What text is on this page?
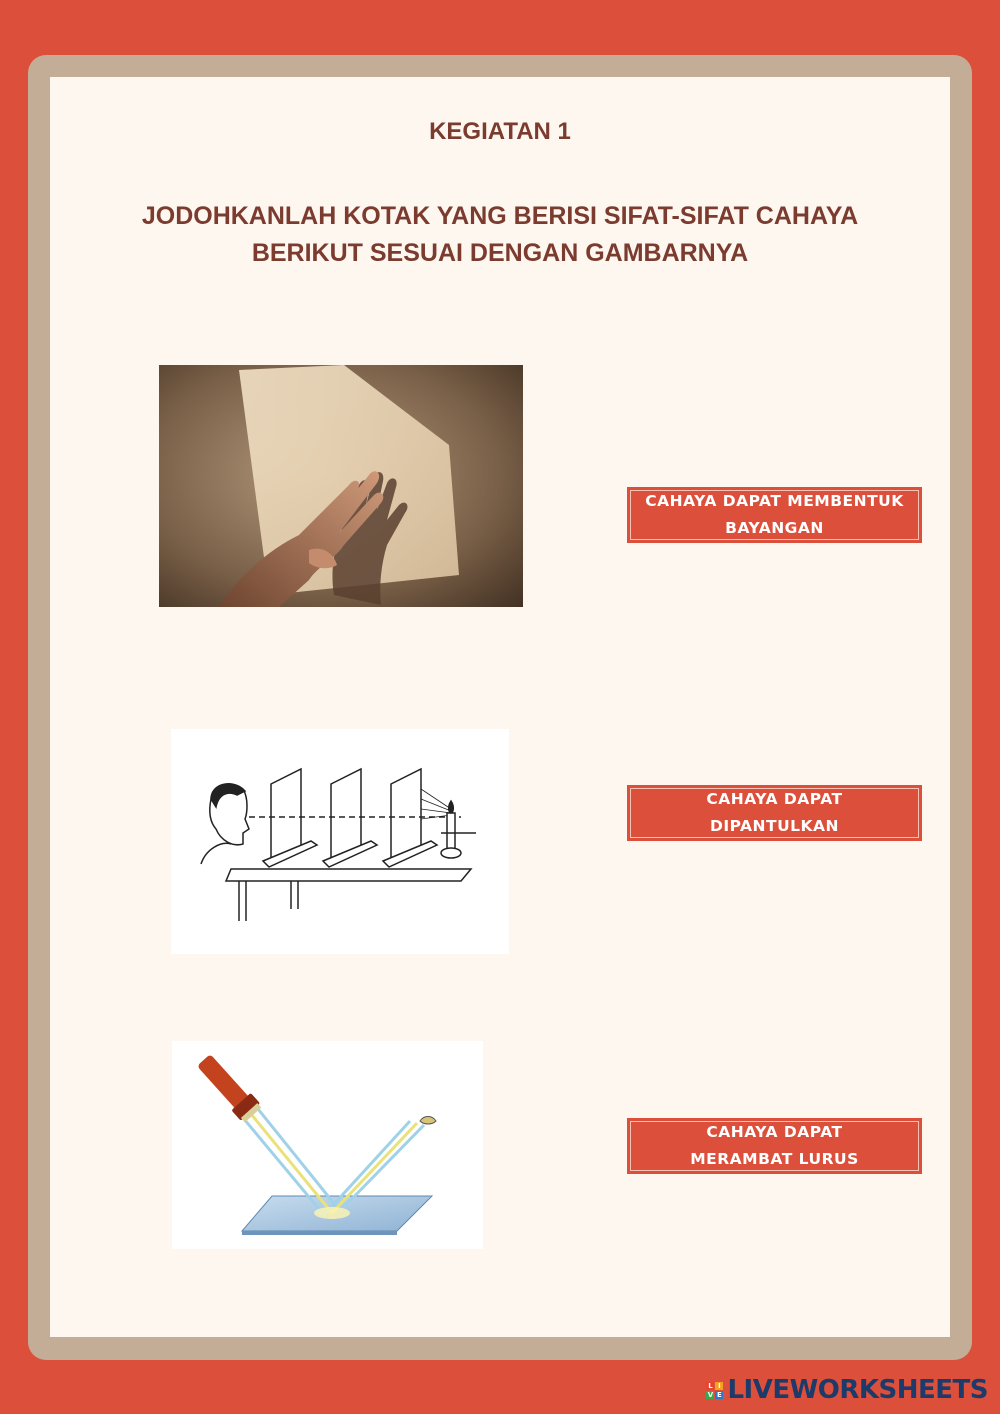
KEGIATAN 1
JODOHKANLAH KOTAK YANG BERISI SIFAT-SIFAT CAHAYA
BERIKUT SESUAI DENGAN GAMBARNYA
CAHAYA DAPAT MEMBENTUK
BAYANGAN
CAHAYA DAPAT
DIPANTULKAN
CAHAYA DAPAT
MERAMBAT LURUS
L I
V E LIVEWORKSHEETS
